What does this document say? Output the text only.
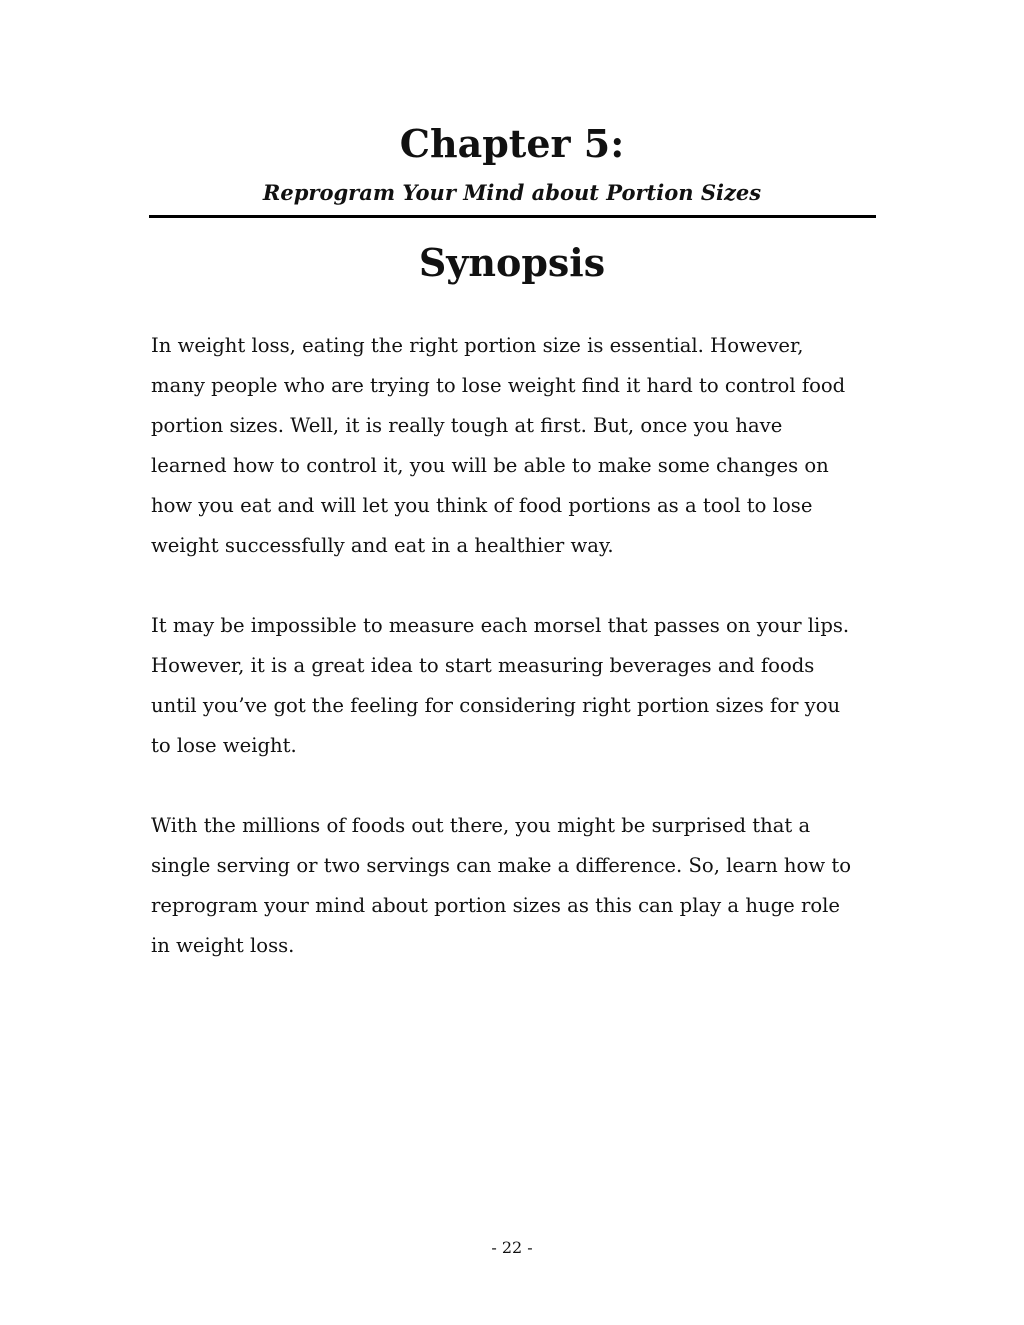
Chapter 5:
Reprogram Your Mind about Portion Sizes
Synopsis

In weight loss, eating the right portion size is essential. However,
many people who are trying to lose weight find it hard to control food
portion sizes. Well, it is really tough at first. But, once you have
learned how to control it, you will be able to make some changes on
how you eat and will let you think of food portions as a tool to lose
weight successfully and eat in a healthier way.

It may be impossible to measure each morsel that passes on your lips.
However, it is a great idea to start measuring beverages and foods
until you’ve got the feeling for considering right portion sizes for you
to lose weight.

With the millions of foods out there, you might be surprised that a
single serving or two servings can make a difference. So, learn how to
reprogram your mind about portion sizes as this can play a huge role
in weight loss.

- 22 -
